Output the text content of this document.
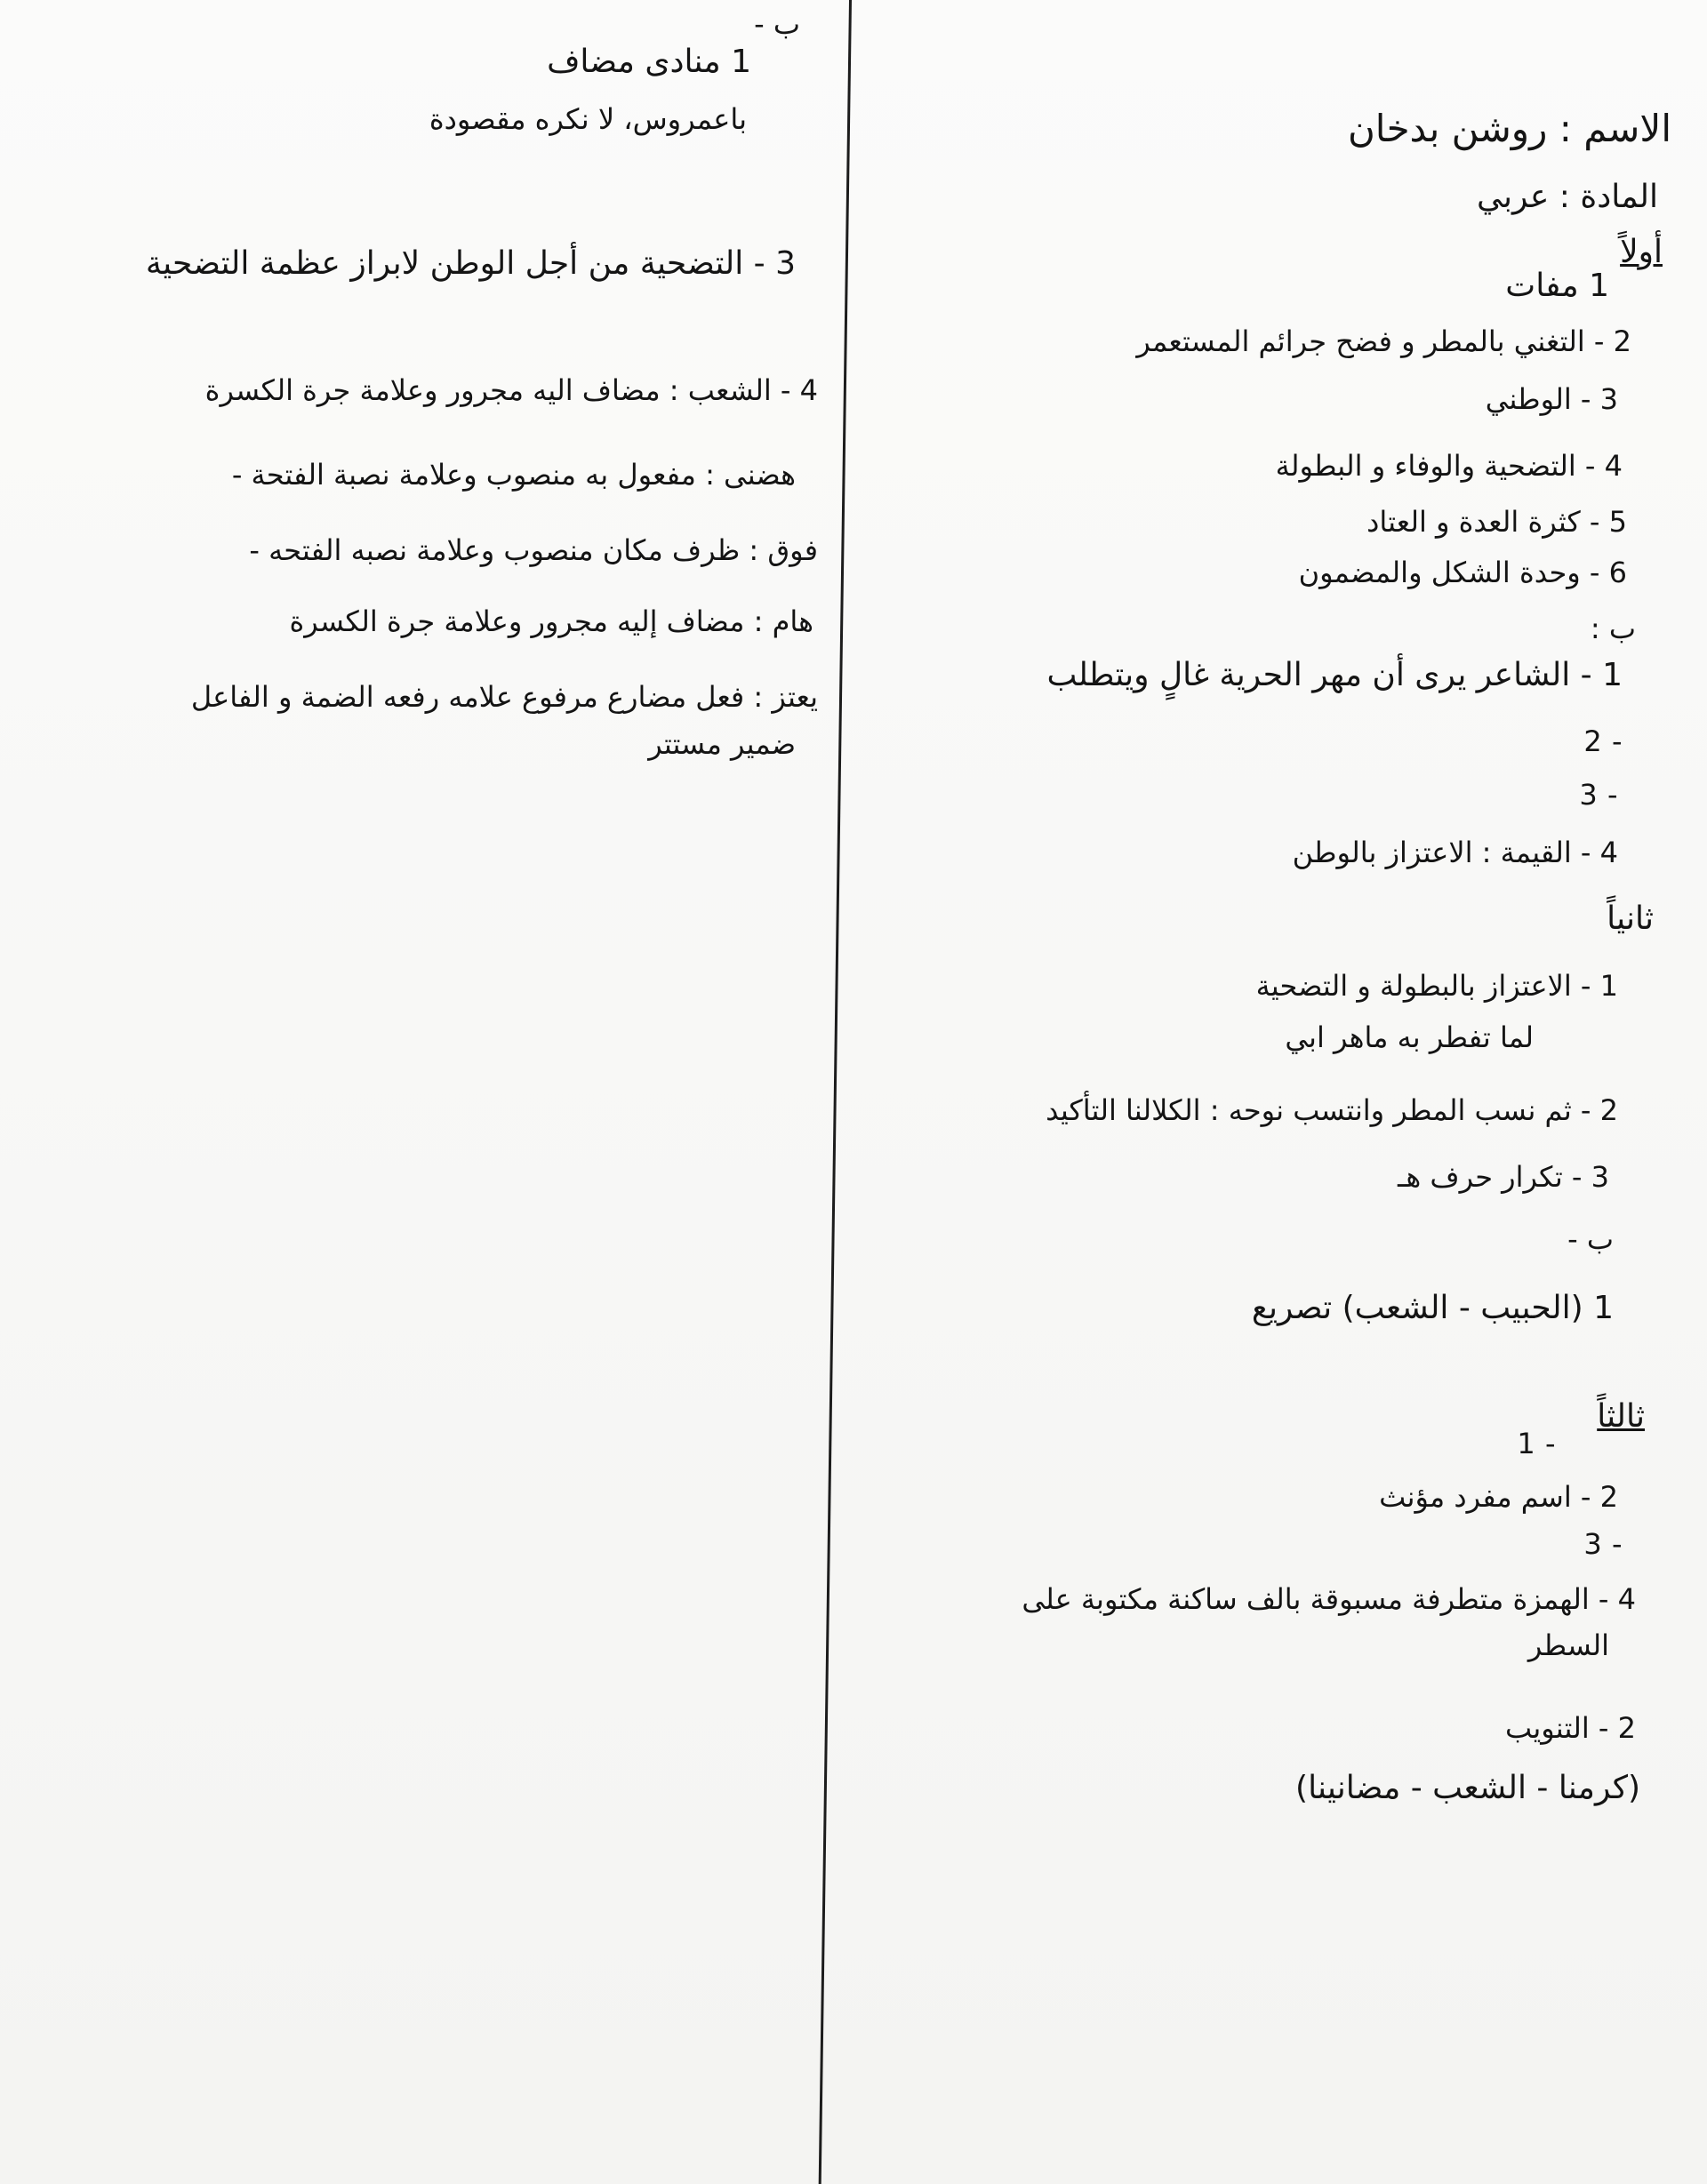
ب -
1 منادى مضاف
باعمروس، لا نكره مقصودة
3 - التضحية من أجل الوطن لابراز عظمة التضحية
4 - الشعب : مضاف اليه مجرور وعلامة جرة الكسرة
هضنى : مفعول به منصوب وعلامة نصبة الفتحة -
فوق : ظرف مكان منصوب وعلامة نصبه الفتحه -
هام : مضاف إليه مجرور وعلامة جرة الكسرة
يعتز : فعل مضارع مرفوع علامه رفعه الضمة و الفاعل
ضمير مستتر
الاسم : روشن بدخان
المادة : عربي
أولاً
1 مفات
2 - التغني بالمطر و فضح جرائم المستعمر
3 - الوطني
4 - التضحية والوفاء و البطولة
5 - كثرة العدة و العتاد
6 - وحدة الشكل والمضمون
ب :
1 - الشاعر يرى أن مهر الحرية غالٍ ويتطلب
2 -
3 -
4 - القيمة : الاعتزاز بالوطن
ثانياً
1 - الاعتزاز بالبطولة و التضحية
لما تفطر به ماهر ابي
2 - ثم نسب المطر وانتسب نوحه : الكلالنا التأكيد
3 - تكرار حرف هـ
ب -
1 (الحبيب - الشعب) تصريع
ثالثاً
1 -
2 - اسم مفرد مؤنث
3 -
4 - الهمزة متطرفة مسبوقة بالف ساكنة مكتوبة على
السطر
2 - التنويب
(كرمنا - الشعب - مضانينا)
